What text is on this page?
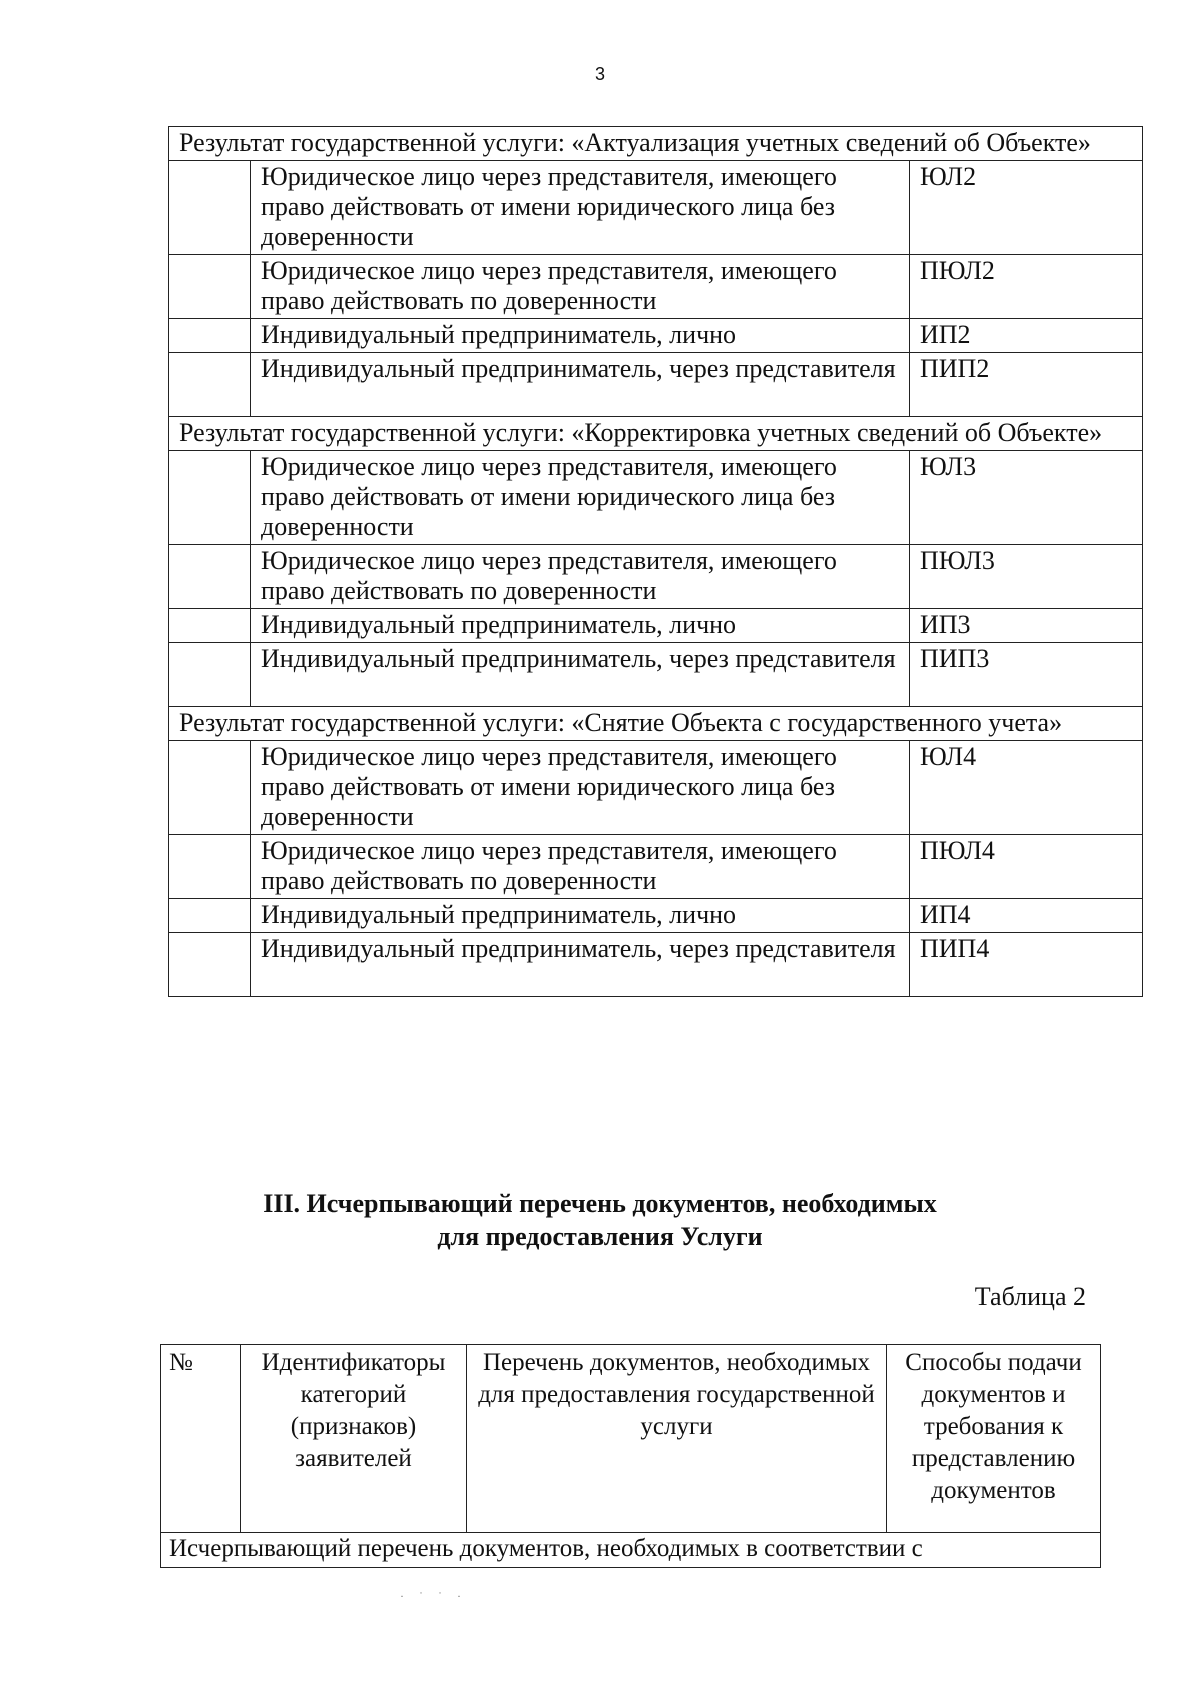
3
Результат государственной услуги: «Актуализация учетных сведений об Объекте»		
	Юридическое лицо через представителя, имеющего право действовать от имени юридического лица без доверенности	ЮЛ2
	Юридическое лицо через представителя, имеющего право действовать по доверенности	ПЮЛ2
	Индивидуальный предприниматель, лично	ИП2
	Индивидуальный предприниматель, через представителя	ПИП2
Результат государственной услуги: «Корректировка учетных сведений об Объекте»		
	Юридическое лицо через представителя, имеющего право действовать от имени юридического лица без доверенности	ЮЛ3
	Юридическое лицо через представителя, имеющего право действовать по доверенности	ПЮЛ3
	Индивидуальный предприниматель, лично	ИП3
	Индивидуальный предприниматель, через представителя	ПИП3
Результат государственной услуги: «Снятие Объекта с государственного учета»		
	Юридическое лицо через представителя, имеющего право действовать от имени юридического лица без доверенности	ЮЛ4
	Юридическое лицо через представителя, имеющего право действовать по доверенности	ПЮЛ4
	Индивидуальный предприниматель, лично	ИП4
	Индивидуальный предприниматель, через представителя	ПИП4
III. Исчерпывающий перечень документов, необходимых
для предоставления Услуги
Таблица 2
№	Идентификаторы категорий (признаков) заявителей	Перечень документов, необходимых для предоставления государственной услуги	Способы подачи документов и требования к представлению документов
Исчерпывающий перечень документов, необходимых в соответствии с
· ˙ ˙ ·
